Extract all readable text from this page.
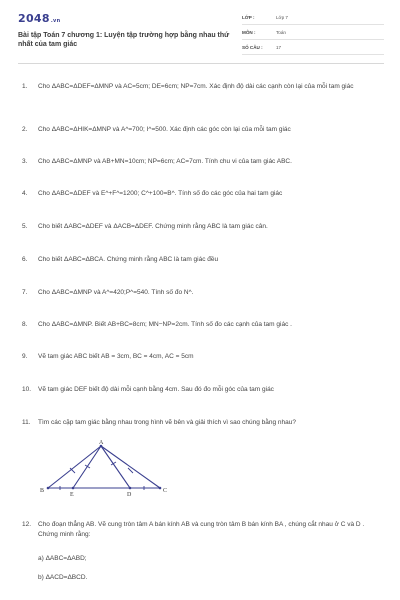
2048.vn
Bài tập Toán 7 chương 1: Luyện tập trường hợp bằng nhau thứ nhất của tam giác
LỚP :	Lớp 7
MÔN :	Toán
SỐ CÂU :	17
1.	Cho ΔABC=ΔDEF=ΔMNP và AC=5cm; DE=6cm; NP=7cm. Xác định độ dài các cạnh còn lại của mỗi tam giác
2.	Cho ΔABC=ΔHIK=ΔMNP và A^=700; I^=500. Xác định các góc còn lại của mỗi tam giác
3.	Cho ΔABC=ΔMNP và AB+MN=10cm; NP=6cm; AC=7cm. Tính chu vi của tam giác ABC.
4.	Cho ΔABC=ΔDEF và E^+F^=1200; C^+100=B^. Tính số đo các góc của hai tam giác
5.	Cho biết ΔABC=ΔDEF và ΔACB=ΔDEF. Chứng minh rằng ABC là tam giác cân.
6.	Cho biết ΔABC=ΔBCA. Chứng minh rằng ABC là tam giác đều
7.	Cho ΔABC=ΔMNP và A^=420;P^=540. Tính số đo N^.
8.	Cho ΔABC=ΔMNP. Biết AB+BC=8cm; MN−NP=2cm. Tính số đo các cạnh của tam giác .
9.	Vẽ tam giác ABC biết AB = 3cm, BC = 4cm, AC = 5cm
10.	Vẽ tam giác DEF biết độ dài mỗi cạnh bằng 4cm. Sau đó đo mỗi góc của tam giác
11.	Tìm các cặp tam giác bằng nhau trong hình vẽ bên và giải thích vì sao chúng bằng nhau?
A
B
E	D
C
12.	Cho đoạn thẳng AB. Vẽ cung tròn tâm A bán kính AB và cung tròn tâm B bán kính BA , chúng cắt nhau ở C và D . Chứng minh rằng:
a) ΔABC=ΔABD;
b) ΔACD=ΔBCD.
